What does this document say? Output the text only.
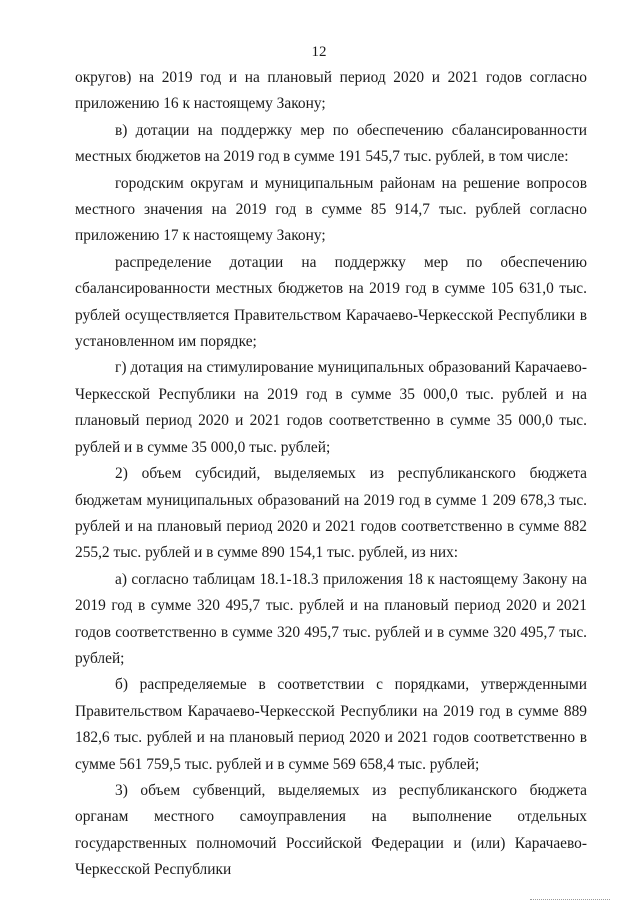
12

округов) на 2019 год и на плановый период 2020 и 2021 годов согласно приложению 16 к настоящему Закону;

в) дотации на поддержку мер по обеспечению сбалансированности местных бюджетов на 2019 год в сумме 191 545,7 тыс. рублей, в том числе:

городским округам и муниципальным районам на решение вопросов местного значения на 2019 год в сумме 85 914,7 тыс. рублей согласно приложению 17 к настоящему Закону;

распределение дотации на поддержку мер по обеспечению сбалансированности местных бюджетов на 2019 год в сумме 105 631,0 тыс. рублей осуществляется Правительством Карачаево-Черкесской Республики в установленном им порядке;

г) дотация на стимулирование муниципальных образований Карачаево-Черкесской Республики на 2019 год в сумме 35 000,0 тыс. рублей и на плановый период 2020 и 2021 годов соответственно в сумме 35 000,0 тыс. рублей и в сумме 35 000,0 тыс. рублей;

2) объем субсидий, выделяемых из республиканского бюджета бюджетам муниципальных образований на 2019 год в сумме 1 209 678,3 тыс. рублей и на плановый период 2020 и 2021 годов соответственно в сумме 882 255,2 тыс. рублей и в сумме 890 154,1 тыс. рублей, из них:

а) согласно таблицам 18.1-18.3 приложения 18 к настоящему Закону на 2019 год в сумме 320 495,7 тыс. рублей и на плановый период 2020 и 2021 годов соответственно в сумме 320 495,7 тыс. рублей и в сумме 320 495,7 тыс. рублей;

б) распределяемые в соответствии с порядками, утвержденными Правительством Карачаево-Черкесской Республики на 2019 год в сумме 889 182,6 тыс. рублей и на плановый период 2020 и 2021 годов соответственно в сумме 561 759,5 тыс. рублей и в сумме 569 658,4 тыс. рублей;

3) объем субвенций, выделяемых из республиканского бюджета органам местного самоуправления на выполнение отдельных государственных полномочий Российской Федерации и (или) Карачаево-Черкесской Республики
